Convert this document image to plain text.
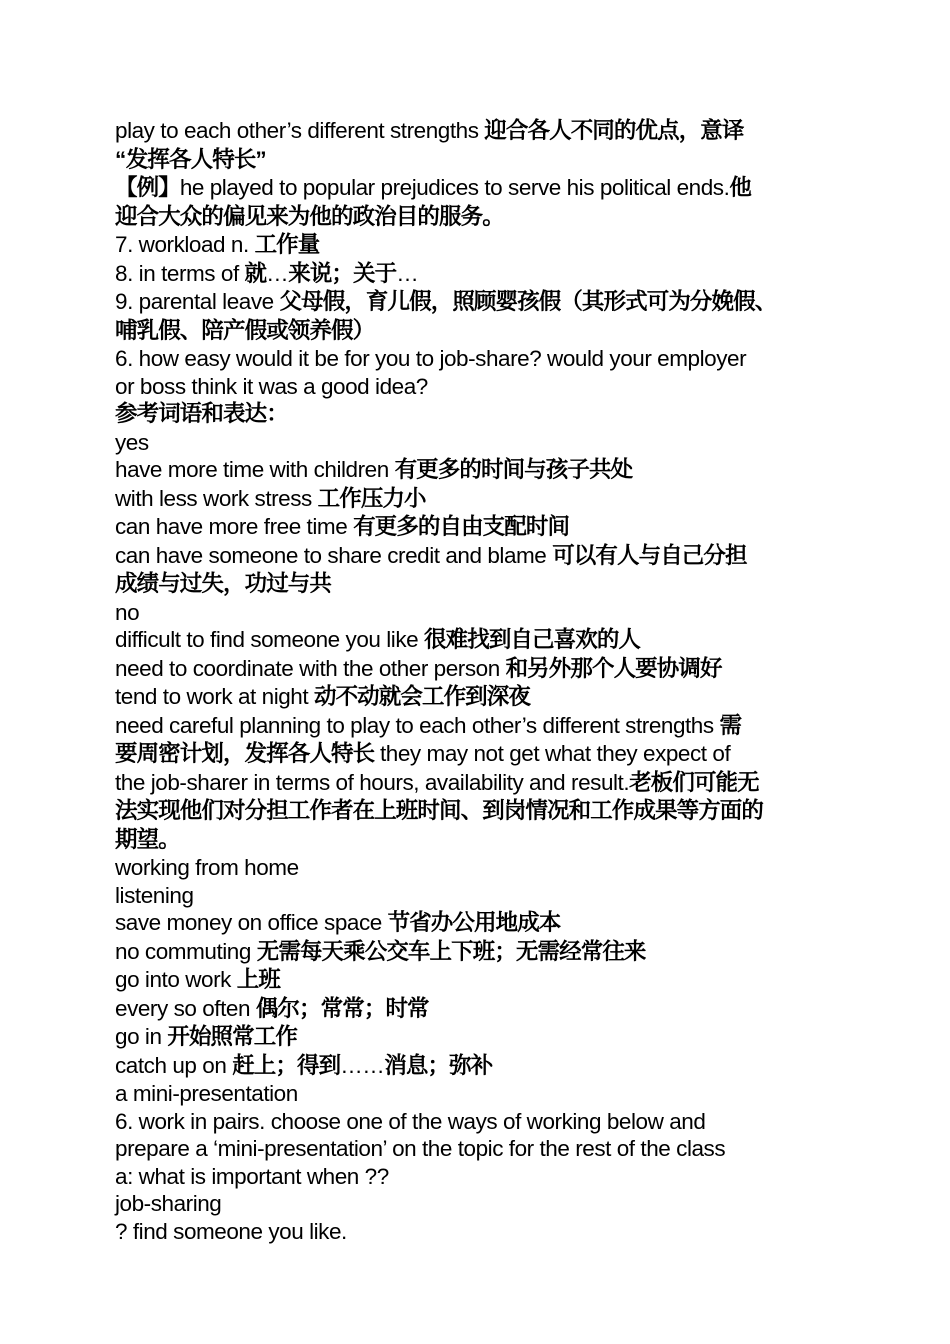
play to each other’s different strengths 迎合各人不同的优点，意译
“发挥各人特长”
【例】he played to popular prejudices to serve his political ends.他
迎合大众的偏见来为他的政治目的服务。
7. workload n. 工作量
8. in terms of 就…来说；关于…
9. parental leave 父母假，育儿假，照顾婴孩假（其形式可为分娩假、
哺乳假、陪产假或领养假）
6. how easy would it be for you to job-share? would your employer
or boss think it was a good idea?
参考词语和表达：
yes
have more time with children 有更多的时间与孩子共处
with less work stress 工作压力小
can have more free time 有更多的自由支配时间
can have someone to share credit and blame 可以有人与自己分担
成绩与过失，功过与共
no
difficult to find someone you like 很难找到自己喜欢的人
need to coordinate with the other person 和另外那个人要协调好
tend to work at night 动不动就会工作到深夜
need careful planning to play to each other’s different strengths 需
要周密计划，发挥各人特长 they may not get what they expect of
the job-sharer in terms of hours, availability and result.老板们可能无
法实现他们对分担工作者在上班时间、到岗情况和工作成果等方面的
期望。
working from home
listening
save money on office space 节省办公用地成本
no commuting 无需每天乘公交车上下班；无需经常往来
go into work 上班
every so often 偶尔；常常；时常
go in 开始照常工作
catch up on 赶上；得到……消息；弥补
a mini-presentation
6. work in pairs. choose one of the ways of working below and
prepare a ‘mini-presentation’ on the topic for the rest of the class
a: what is important when ??
job-sharing
? find someone you like.
